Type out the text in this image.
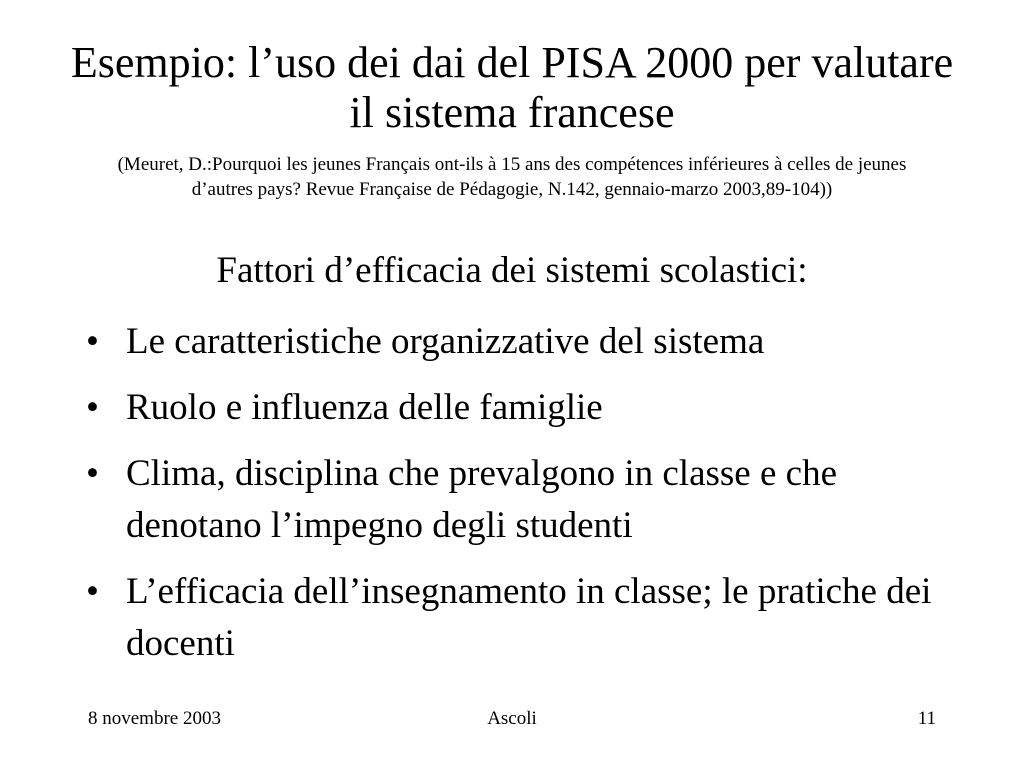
Esempio: l’uso dei dai del PISA 2000 per valutare il sistema francese
(Meuret, D.:Pourquoi les jeunes Français ont-ils à 15 ans des compétences inférieures à celles de jeunes d’autres pays? Revue Française de Pédagogie, N.142, gennaio-marzo 2003,89-104))
Fattori d’efficacia dei sistemi scolastici:
• Le caratteristiche organizzative del sistema
• Ruolo e influenza delle famiglie
• Clima, disciplina che prevalgono in classe e che denotano l’impegno degli studenti
• L’efficacia dell’insegnamento in classe; le pratiche dei docenti
8 novembre 2003	Ascoli	11
